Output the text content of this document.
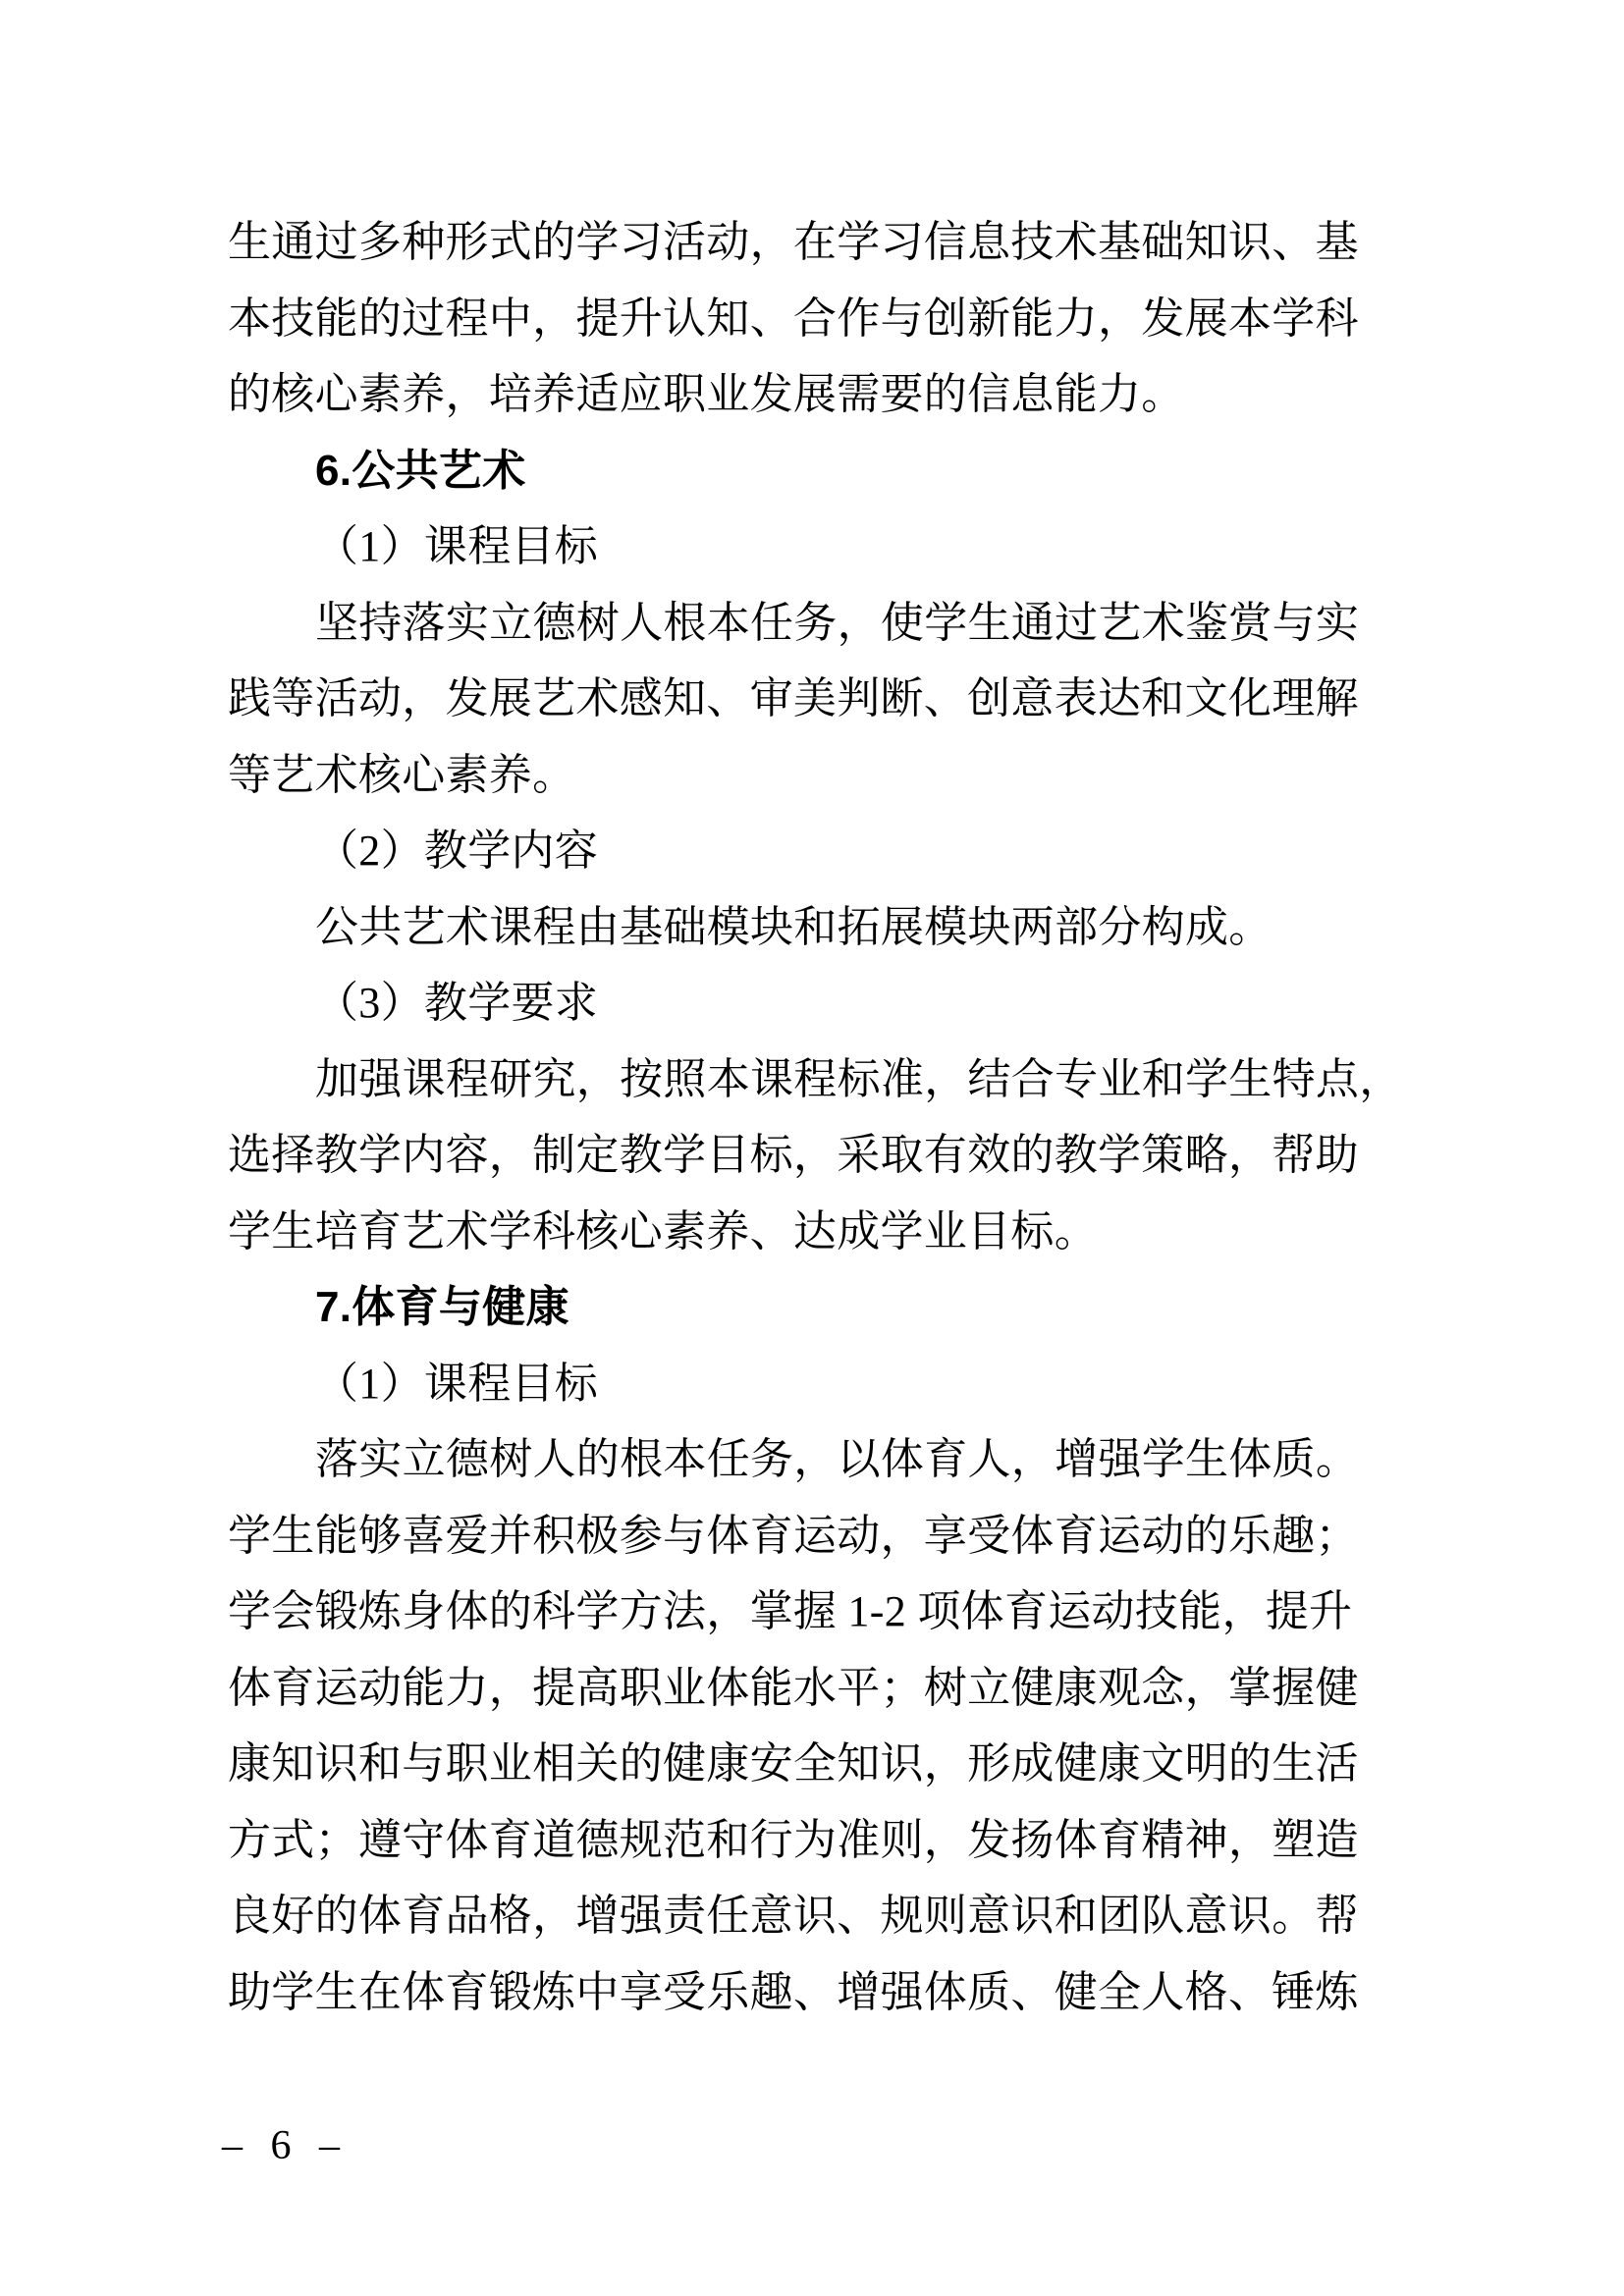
生通过多种形式的学习活动，在学习信息技术基础知识、基
本技能的过程中，提升认知、合作与创新能力，发展本学科
的核心素养，培养适应职业发展需要的信息能力。
6.公共艺术
（1）课程目标
坚持落实立德树人根本任务，使学生通过艺术鉴赏与实
践等活动，发展艺术感知、审美判断、创意表达和文化理解
等艺术核心素养。
（2）教学内容
公共艺术课程由基础模块和拓展模块两部分构成。
（3）教学要求
加强课程研究，按照本课程标准，结合专业和学生特点，
选择教学内容，制定教学目标，采取有效的教学策略，帮助
学生培育艺术学科核心素养、达成学业目标。
7.体育与健康
（1）课程目标
落实立德树人的根本任务，以体育人，增强学生体质。
学生能够喜爱并积极参与体育运动，享受体育运动的乐趣；
学会锻炼身体的科学方法，掌握 1-2 项体育运动技能，提升
体育运动能力，提高职业体能水平；树立健康观念，掌握健
康知识和与职业相关的健康安全知识，形成健康文明的生活
方式；遵守体育道德规范和行为准则，发扬体育精神，塑造
良好的体育品格，增强责任意识、规则意识和团队意识。帮
助学生在体育锻炼中享受乐趣、增强体质、健全人格、锤炼
– 6 –
